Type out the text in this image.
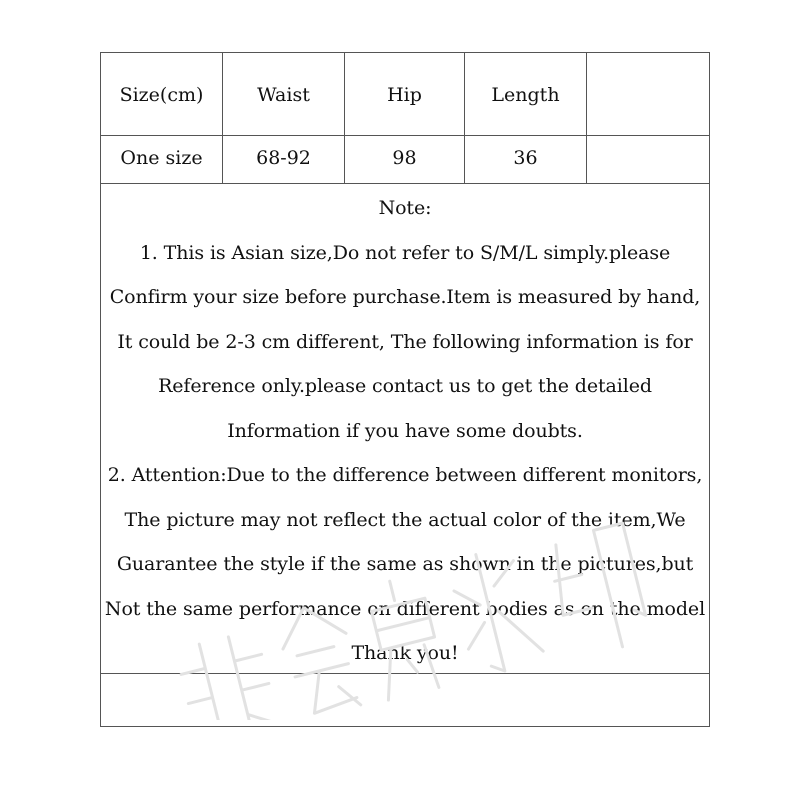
Size(cm)	Waist	Hip	Length
One size	68-92	98	36
Note:
1. This is Asian size,Do not refer to S/M/L simply.please
Confirm your size before purchase.Item is measured by hand,
It could be 2-3 cm different, The following information is for
Reference only.please contact us to get the detailed
Information if you have some doubts.
2. Attention:Due to the difference between different monitors,
The picture may not reflect the actual color of the item,We
Guarantee the style if the same as shown in the pictures,but
Not the same performance on different bodies as on the model
Thank you!
